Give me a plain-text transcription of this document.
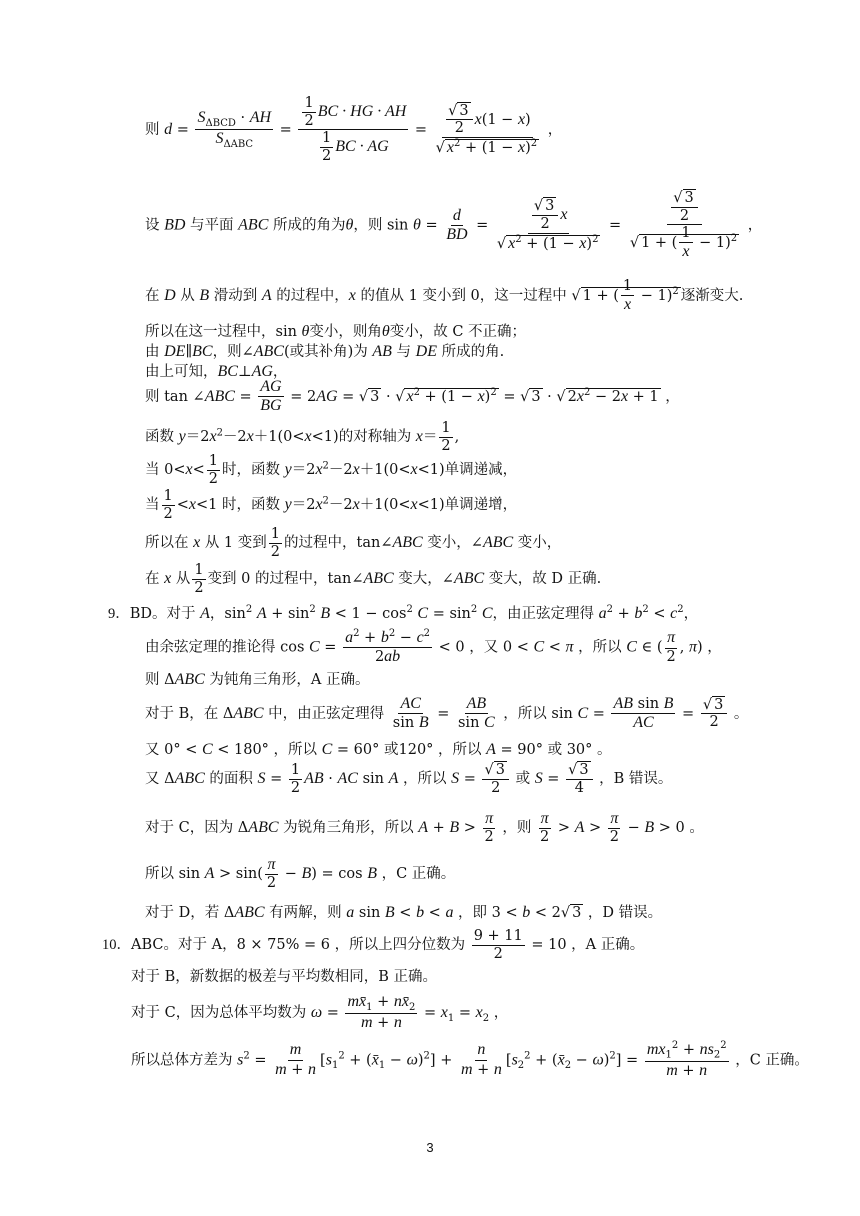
则 $d = \frac{S_{\Delta BCD} \cdot AH}{S_{\Delta ABC}} = \frac{\frac{1}{2} BC \cdot HG \cdot AH}{\frac{1}{2} BC \cdot AG} = \frac{\frac{√ 3}{2} x(1 - x)}{√ x^2 + (1 - x)^2}$ ，
设 BD 与平面 ABC 所成的角为θ，则 $\sin \theta = \frac{d}{BD} = \frac{\frac{√ 3}{2} x}{√ x^2 + (1 - x)^2} = \frac{\frac{√ 3}{2}}{√ 1 + ( \frac{1}{x} - 1)^2}$ ，
在 D 从 B 滑动到 A 的过程中，x 的值从 1 变小到 0，这一过程中 √ 1 + ( $\frac{1}{x} - 1)^2$ 逐渐变大.
所以在这一过程中，sin θ变小，则角θ变小，故 C 不正确；
由 DE∥BC，则∠ABC(或其补角)为 AB 与 DE 所成的角.
由上可知，BC⊥AG，
则 tan ∠ABC = $\frac{AG}{BG} = 2AG$ = √ 3 · √ $x^2 + (1 - x)^2$ = √ 3 · √ $2x^2 - 2x + 1$ ，
函数 $y=2x^2-2x+1(0<x<1)$的对称轴为 $x= \frac{1}{2}$ ,
当 $0<x< \frac{1}{2}$ 时，函数 $y=2x^2-2x+1(0<x<1)$单调递减，
当 $\frac{1}{2} <x<1$ 时，函数 $y=2x^2-2x+1(0<x<1)$单调递增，
所以在 x 从 1 变到 $\frac{1}{2}$ 的过程中，tan∠ABC 变小，∠ABC 变小，
在 x 从 $\frac{1}{2}$ 变到 0 的过程中，tan∠ABC 变大，∠ABC 变大，故 D 正确.
9．BD。对于 A，$\sin^2 A + \sin^2 B < 1 - \cos^2 C = \sin^2 C$，由正弦定理得 $a^2 + b^2 < c^2$，
由余弦定理的推论得 $\cos C = \frac{a^2 + b^2 - c^2}{2ab} < 0$ ，又 0 < C < π ，所以 C ∈ ( $\frac{\pi}{2}$ , π) ，
则 ΔABC 为钝角三角形，A 正确。
对于 B，在 ΔABC 中，由正弦定理得 $\frac{AC}{\text{sin B}} = \frac{AB}{\text{sin C}}$ ，所以 $\sin C = \frac{\text{AB sin B}}{AC} = \frac{√ 3}{2}$ 。
又 0° < C < 180° ，所以 C = 60° 或120° ，所以 A = 90° 或 30° 。
又 ΔABC 的面积 $S = \frac{1}{2}$ AB · AC sin A ，所以 $S = \frac{√ 3}{2}$ 或 $S = \frac{√ 3}{4}$ ，B 错误。
对于 C，因为 ΔABC 为锐角三角形，所以 $A + B > \frac{\pi}{2}$ ，则 $\frac{\pi}{2} > A > \frac{\pi}{2} - B > 0$ 。
所以 $\sin A > \sin( \frac{\pi}{2} - B) = \cos B$ ，C 正确。
对于 D，若 ΔABC 有两解，则 a sin B < b < a ，即 3 < b < 2√ 3 ，D 错误。
10．ABC。对于 A，8 × 75% = 6 ，所以上四分位数为 $\frac{9 + 11}{2} = 10$ ，A 正确。
对于 B，新数据的极差与平均数相同，B 正确。
对于 C，因为总体平均数为 $\omega = \frac{mx̄_1 + nx̄_2}{m + n} = x_1 = x_2$ ，
所以总体方差为 $s^2 = \frac{m}{m + n} [s_1^2$ + $(x̄_1 - \omega)^2] + \frac{n}{m + n} [s_2^2$ + $(x̄_2 - \omega)^2] = \frac{mx_1^2 + ns_2^2}{m + n}$ ，C 正确。
3
